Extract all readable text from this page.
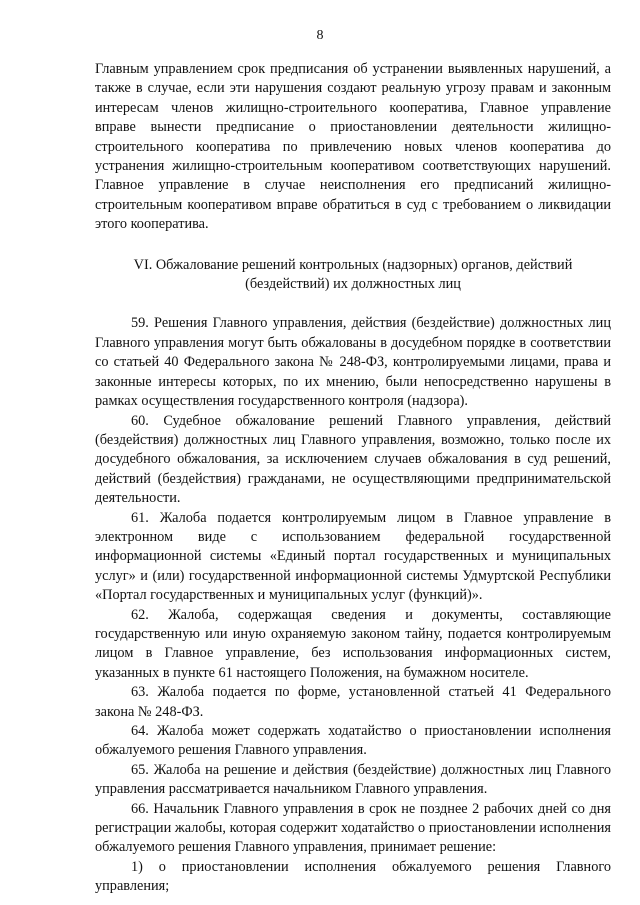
8

Главным управлением срок предписания об устранении выявленных нарушений, а также в случае, если эти нарушения создают реальную угрозу правам и законным интересам членов жилищно-строительного кооператива, Главное управление вправе вынести предписание о приостановлении деятельности жилищно-строительного кооператива по привлечению новых членов кооператива до устранения жилищно-строительным кооперативом соответствующих нарушений. Главное управление в случае неисполнения его предписаний жилищно-строительным кооперативом вправе обратиться в суд с требованием о ликвидации этого кооператива.

VI. Обжалование решений контрольных (надзорных) органов, действий (бездействий) их должностных лиц

59. Решения Главного управления, действия (бездействие) должностных лиц Главного управления могут быть обжалованы в досудебном порядке в соответствии со статьей 40 Федерального закона № 248-ФЗ, контролируемыми лицами, права и законные интересы которых, по их мнению, были непосредственно нарушены в рамках осуществления государственного контроля (надзора).

60. Судебное обжалование решений Главного управления, действий (бездействия) должностных лиц Главного управления, возможно, только после их досудебного обжалования, за исключением случаев обжалования в суд решений, действий (бездействия) гражданами, не осуществляющими предпринимательской деятельности.

61. Жалоба подается контролируемым лицом в Главное управление в электронном виде с использованием федеральной государственной информационной системы «Единый портал государственных и муниципальных услуг» и (или) государственной информационной системы Удмуртской Республики «Портал государственных и муниципальных услуг (функций)».

62. Жалоба, содержащая сведения и документы, составляющие государственную или иную охраняемую законом тайну, подается контролируемым лицом в Главное управление, без использования информационных систем, указанных в пункте 61 настоящего Положения, на бумажном носителе.

63. Жалоба подается по форме, установленной статьей 41 Федерального закона № 248-ФЗ.

64. Жалоба может содержать ходатайство о приостановлении исполнения обжалуемого решения Главного управления.

65. Жалоба на решение и действия (бездействие) должностных лиц Главного управления рассматривается начальником Главного управления.

66. Начальник Главного управления в срок не позднее 2 рабочих дней со дня регистрации жалобы, которая содержит ходатайство о приостановлении исполнения обжалуемого решения Главного управления, принимает решение:

1) о приостановлении исполнения обжалуемого решения Главного управления;
